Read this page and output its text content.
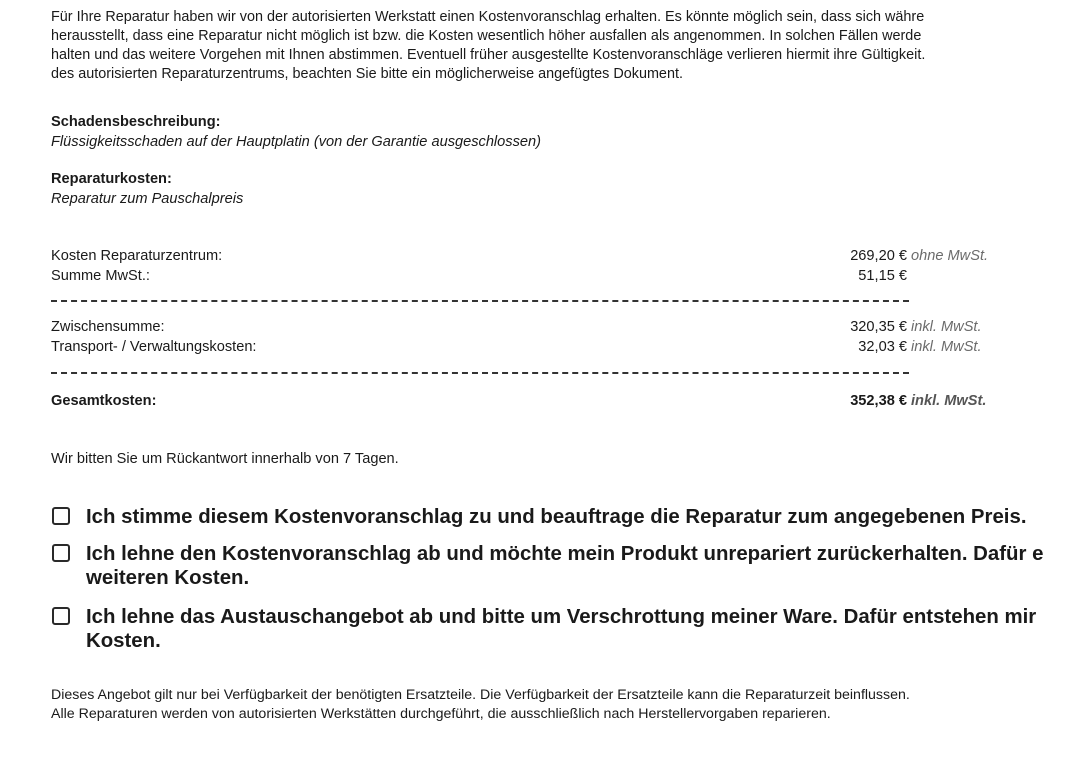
Für Ihre Reparatur haben wir von der autorisierten Werkstatt einen Kostenvoranschlag erhalten. Es könnte möglich sein, dass sich währe
herausstellt, dass eine Reparatur nicht möglich ist bzw. die Kosten wesentlich höher ausfallen als angenommen. In solchen Fällen werde
halten und das weitere Vorgehen mit Ihnen abstimmen. Eventuell früher ausgestellte Kostenvoranschläge verlieren hiermit ihre Gültigkeit.
des autorisierten Reparaturzentrums, beachten Sie bitte ein möglicherweise angefügtes Dokument.
Schadensbeschreibung:
Flüssigkeitsschaden auf der Hauptplatin (von der Garantie ausgeschlossen)
Reparaturkosten:
Reparatur zum Pauschalpreis
Kosten Reparaturzentrum:	269,20 € ohne MwSt.
Summe MwSt.:	51,15 €
Zwischensumme:	320,35 € inkl. MwSt.
Transport- / Verwaltungskosten:	32,03 € inkl. MwSt.
Gesamtkosten:	352,38 € inkl. MwSt.
Wir bitten Sie um Rückantwort innerhalb von 7 Tagen.
Ich stimme diesem Kostenvoranschlag zu und beauftrage die Reparatur zum angegebenen Preis.
Ich lehne den Kostenvoranschlag ab und möchte mein Produkt unrepariert zurückerhalten. Dafür e
weiteren Kosten.
Ich lehne das Austauschangebot ab und bitte um Verschrottung meiner Ware. Dafür entstehen mir
Kosten.
Dieses Angebot gilt nur bei Verfügbarkeit der benötigten Ersatzteile. Die Verfügbarkeit der Ersatzteile kann die Reparaturzeit beinflussen.
Alle Reparaturen werden von autorisierten Werkstätten durchgeführt, die ausschließlich nach Herstellervorgaben reparieren.
